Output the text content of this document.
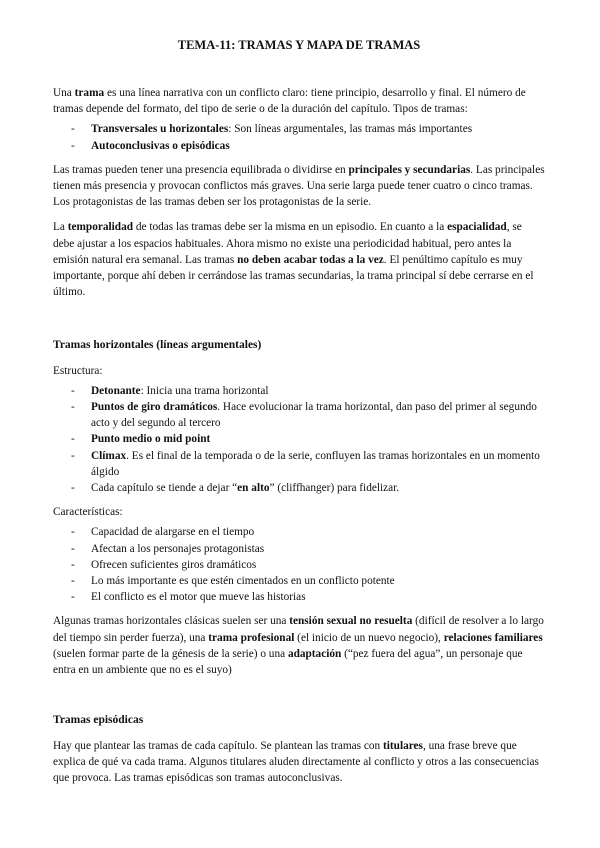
TEMA-11: TRAMAS Y MAPA DE TRAMAS

Una trama es una línea narrativa con un conflicto claro: tiene principio, desarrollo y final. El número de tramas depende del formato, del tipo de serie o de la duración del capítulo. Tipos de tramas:

- Transversales u horizontales: Son líneas argumentales, las tramas más importantes
- Autoconclusivas o episódicas

Las tramas pueden tener una presencia equilibrada o dividirse en principales y secundarias. Las principales tienen más presencia y provocan conflictos más graves. Una serie larga puede tener cuatro o cinco tramas. Los protagonistas de las tramas deben ser los protagonistas de la serie.

La temporalidad de todas las tramas debe ser la misma en un episodio. En cuanto a la espacialidad, se debe ajustar a los espacios habituales. Ahora mismo no existe una periodicidad habitual, pero antes la emisión natural era semanal. Las tramas no deben acabar todas a la vez. El penúltimo capítulo es muy importante, porque ahí deben ir cerrándose las tramas secundarias, la trama principal sí debe cerrarse en el último.

Tramas horizontales (líneas argumentales)

Estructura:

- Detonante: Inicia una trama horizontal
- Puntos de giro dramáticos. Hace evolucionar la trama horizontal, dan paso del primer al segundo acto y del segundo al tercero
- Punto medio o mid point
- Clímax. Es el final de la temporada o de la serie, confluyen las tramas horizontales en un momento álgido
- Cada capítulo se tiende a dejar “en alto” (cliffhanger) para fidelizar.

Características:

- Capacidad de alargarse en el tiempo
- Afectan a los personajes protagonistas
- Ofrecen suficientes giros dramáticos
- Lo más importante es que estén cimentados en un conflicto potente
- El conflicto es el motor que mueve las historias

Algunas tramas horizontales clásicas suelen ser una tensión sexual no resuelta (difícil de resolver a lo largo del tiempo sin perder fuerza), una trama profesional (el inicio de un nuevo negocio), relaciones familiares (suelen formar parte de la génesis de la serie) o una adaptación (“pez fuera del agua”, un personaje que entra en un ambiente que no es el suyo)

Tramas episódicas

Hay que plantear las tramas de cada capítulo. Se plantean las tramas con titulares, una frase breve que explica de qué va cada trama. Algunos titulares aluden directamente al conflicto y otros a las consecuencias que provoca. Las tramas episódicas son tramas autoconclusivas.
